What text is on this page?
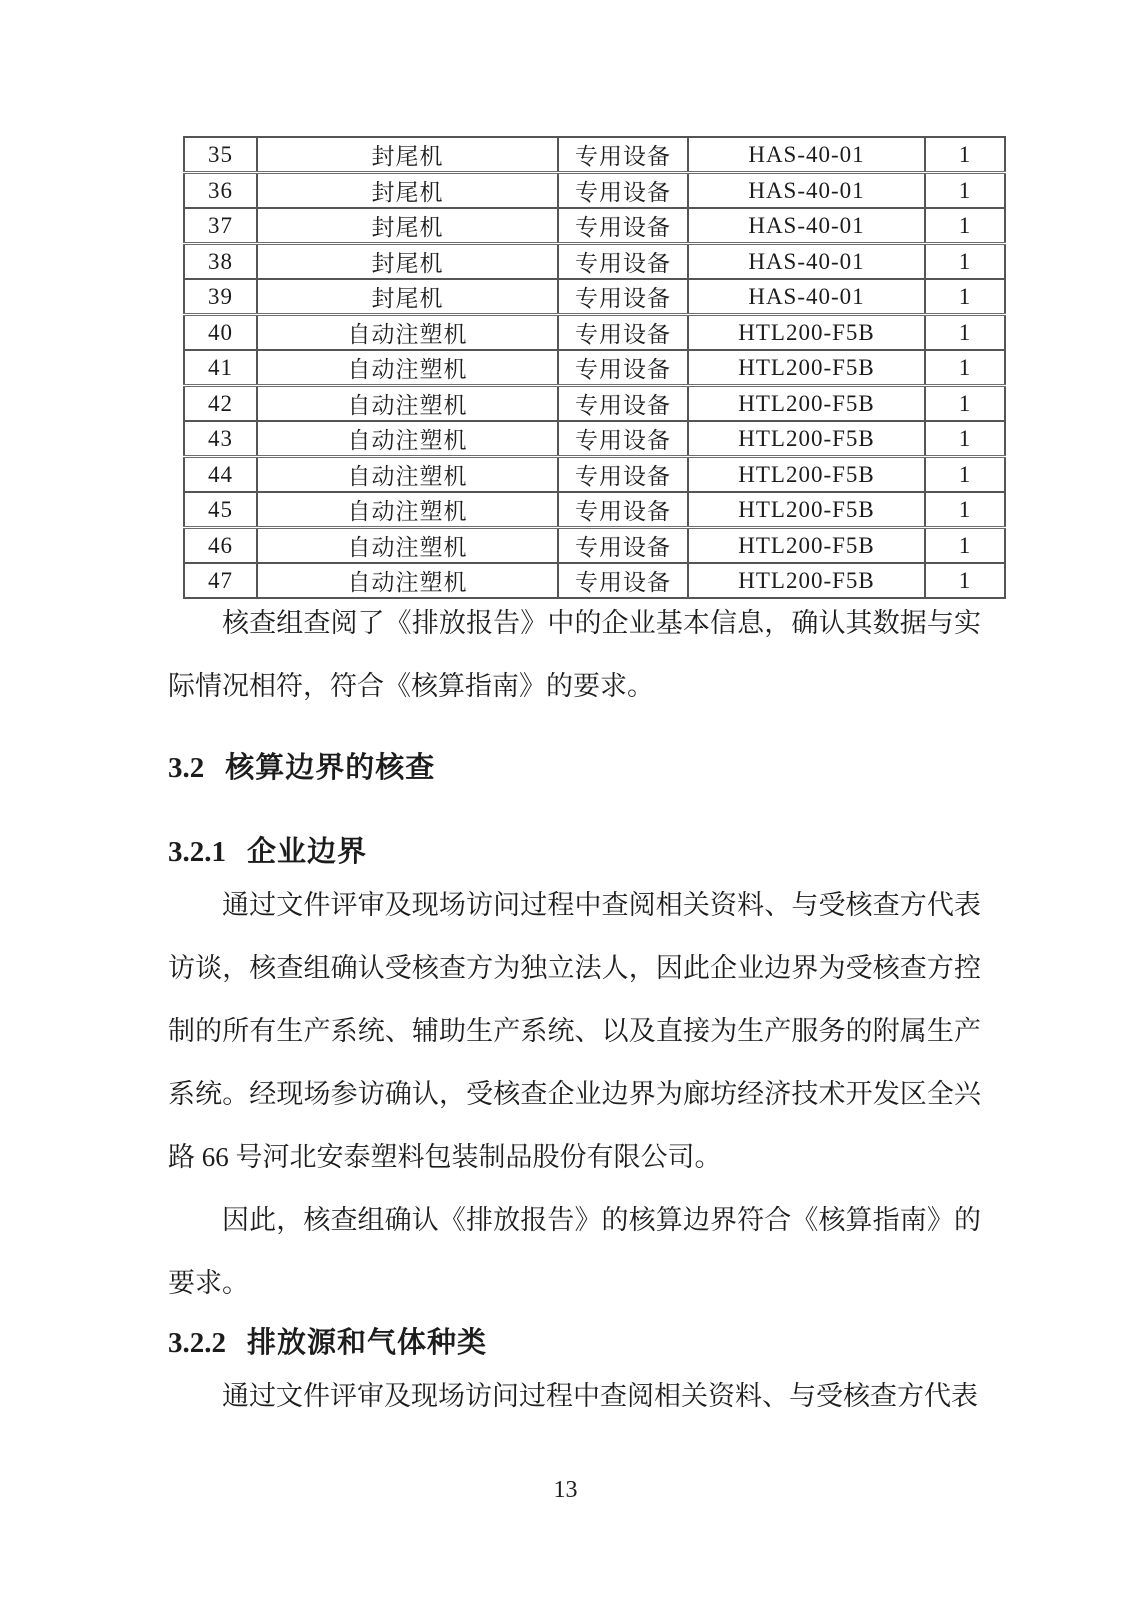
35	封尾机	专用设备	HAS-40-01	1
36	封尾机	专用设备	HAS-40-01	1
37	封尾机	专用设备	HAS-40-01	1
38	封尾机	专用设备	HAS-40-01	1
39	封尾机	专用设备	HAS-40-01	1
40	自动注塑机	专用设备	HTL200-F5B	1
41	自动注塑机	专用设备	HTL200-F5B	1
42	自动注塑机	专用设备	HTL200-F5B	1
43	自动注塑机	专用设备	HTL200-F5B	1
44	自动注塑机	专用设备	HTL200-F5B	1
45	自动注塑机	专用设备	HTL200-F5B	1
46	自动注塑机	专用设备	HTL200-F5B	1
47	自动注塑机	专用设备	HTL200-F5B	1

核查组查阅了《排放报告》中的企业基本信息，确认其数据与实际情况相符，符合《核算指南》的要求。

3.2 核算边界的核查
3.2.1 企业边界

通过文件评审及现场访问过程中查阅相关资料、与受核查方代表访谈，核查组确认受核查方为独立法人，因此企业边界为受核查方控制的所有生产系统、辅助生产系统、以及直接为生产服务的附属生产系统。经现场参访确认，受核查企业边界为廊坊经济技术开发区全兴路 66 号河北安泰塑料包装制品股份有限公司。

因此，核查组确认《排放报告》的核算边界符合《核算指南》的要求。

3.2.2 排放源和气体种类

通过文件评审及现场访问过程中查阅相关资料、与受核查方代表

13
